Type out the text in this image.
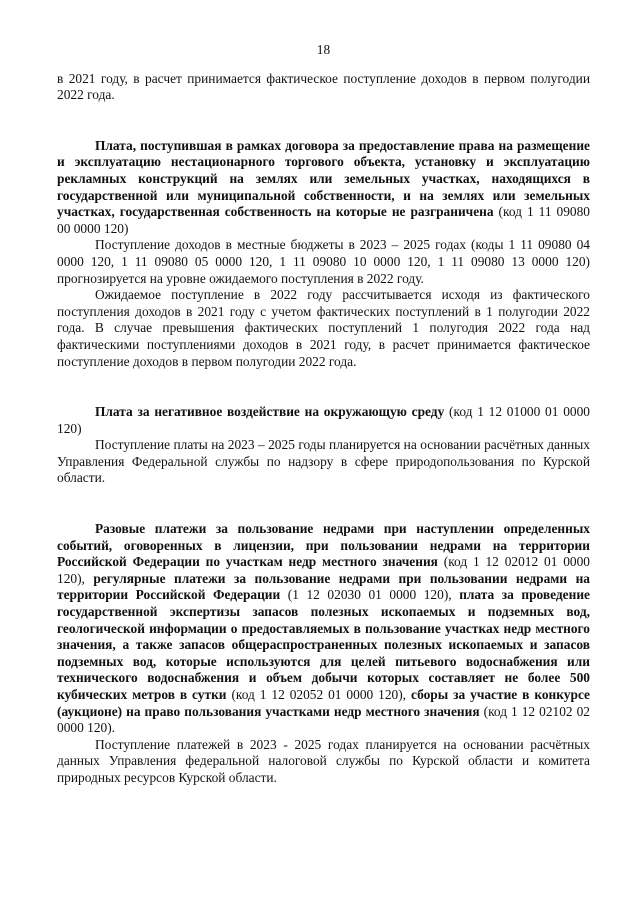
18

в 2021 году, в расчет принимается фактическое поступление доходов в первом полугодии 2022 года.

Плата, поступившая в рамках договора за предоставление права на размещение и эксплуатацию нестационарного торгового объекта, установку и эксплуатацию рекламных конструкций на землях или земельных участках, находящихся в государственной или муниципальной собственности, и на землях или земельных участках, государственная собственность на которые не разграничена (код 1 11 09080 00 0000 120)

Поступление доходов в местные бюджеты в 2023 – 2025 годах (коды 1 11 09080 04 0000 120, 1 11 09080 05 0000 120, 1 11 09080 10 0000 120, 1 11 09080 13 0000 120) прогнозируется на уровне ожидаемого поступления в 2022 году.

Ожидаемое поступление в 2022 году рассчитывается исходя из фактического поступления доходов в 2021 году с учетом фактических поступлений в 1 полугодии 2022 года. В случае превышения фактических поступлений 1 полугодия 2022 года над фактическими поступлениями доходов в 2021 году, в расчет принимается фактическое поступление доходов в первом полугодии 2022 года.

Плата за негативное воздействие на окружающую среду (код 1 12 01000 01 0000 120)

Поступление платы на 2023 – 2025 годы планируется на основании расчётных данных Управления Федеральной службы по надзору в сфере природопользования по Курской области.

Разовые платежи за пользование недрами при наступлении определенных событий, оговоренных в лицензии, при пользовании недрами на территории Российской Федерации по участкам недр местного значения (код 1 12 02012 01 0000 120), регулярные платежи за пользование недрами при пользовании недрами на территории Российской Федерации (1 12 02030 01 0000 120), плата за проведение государственной экспертизы запасов полезных ископаемых и подземных вод, геологической информации о предоставляемых в пользование участках недр местного значения, а также запасов общераспространенных полезных ископаемых и запасов подземных вод, которые используются для целей питьевого водоснабжения или технического водоснабжения и объем добычи которых составляет не более 500 кубических метров в сутки (код 1 12 02052 01 0000 120), сборы за участие в конкурсе (аукционе) на право пользования участками недр местного значения (код 1 12 02102 02 0000 120).

Поступление платежей в 2023 - 2025 годах планируется на основании расчётных данных Управления федеральной налоговой службы по Курской области и комитета природных ресурсов Курской области.
